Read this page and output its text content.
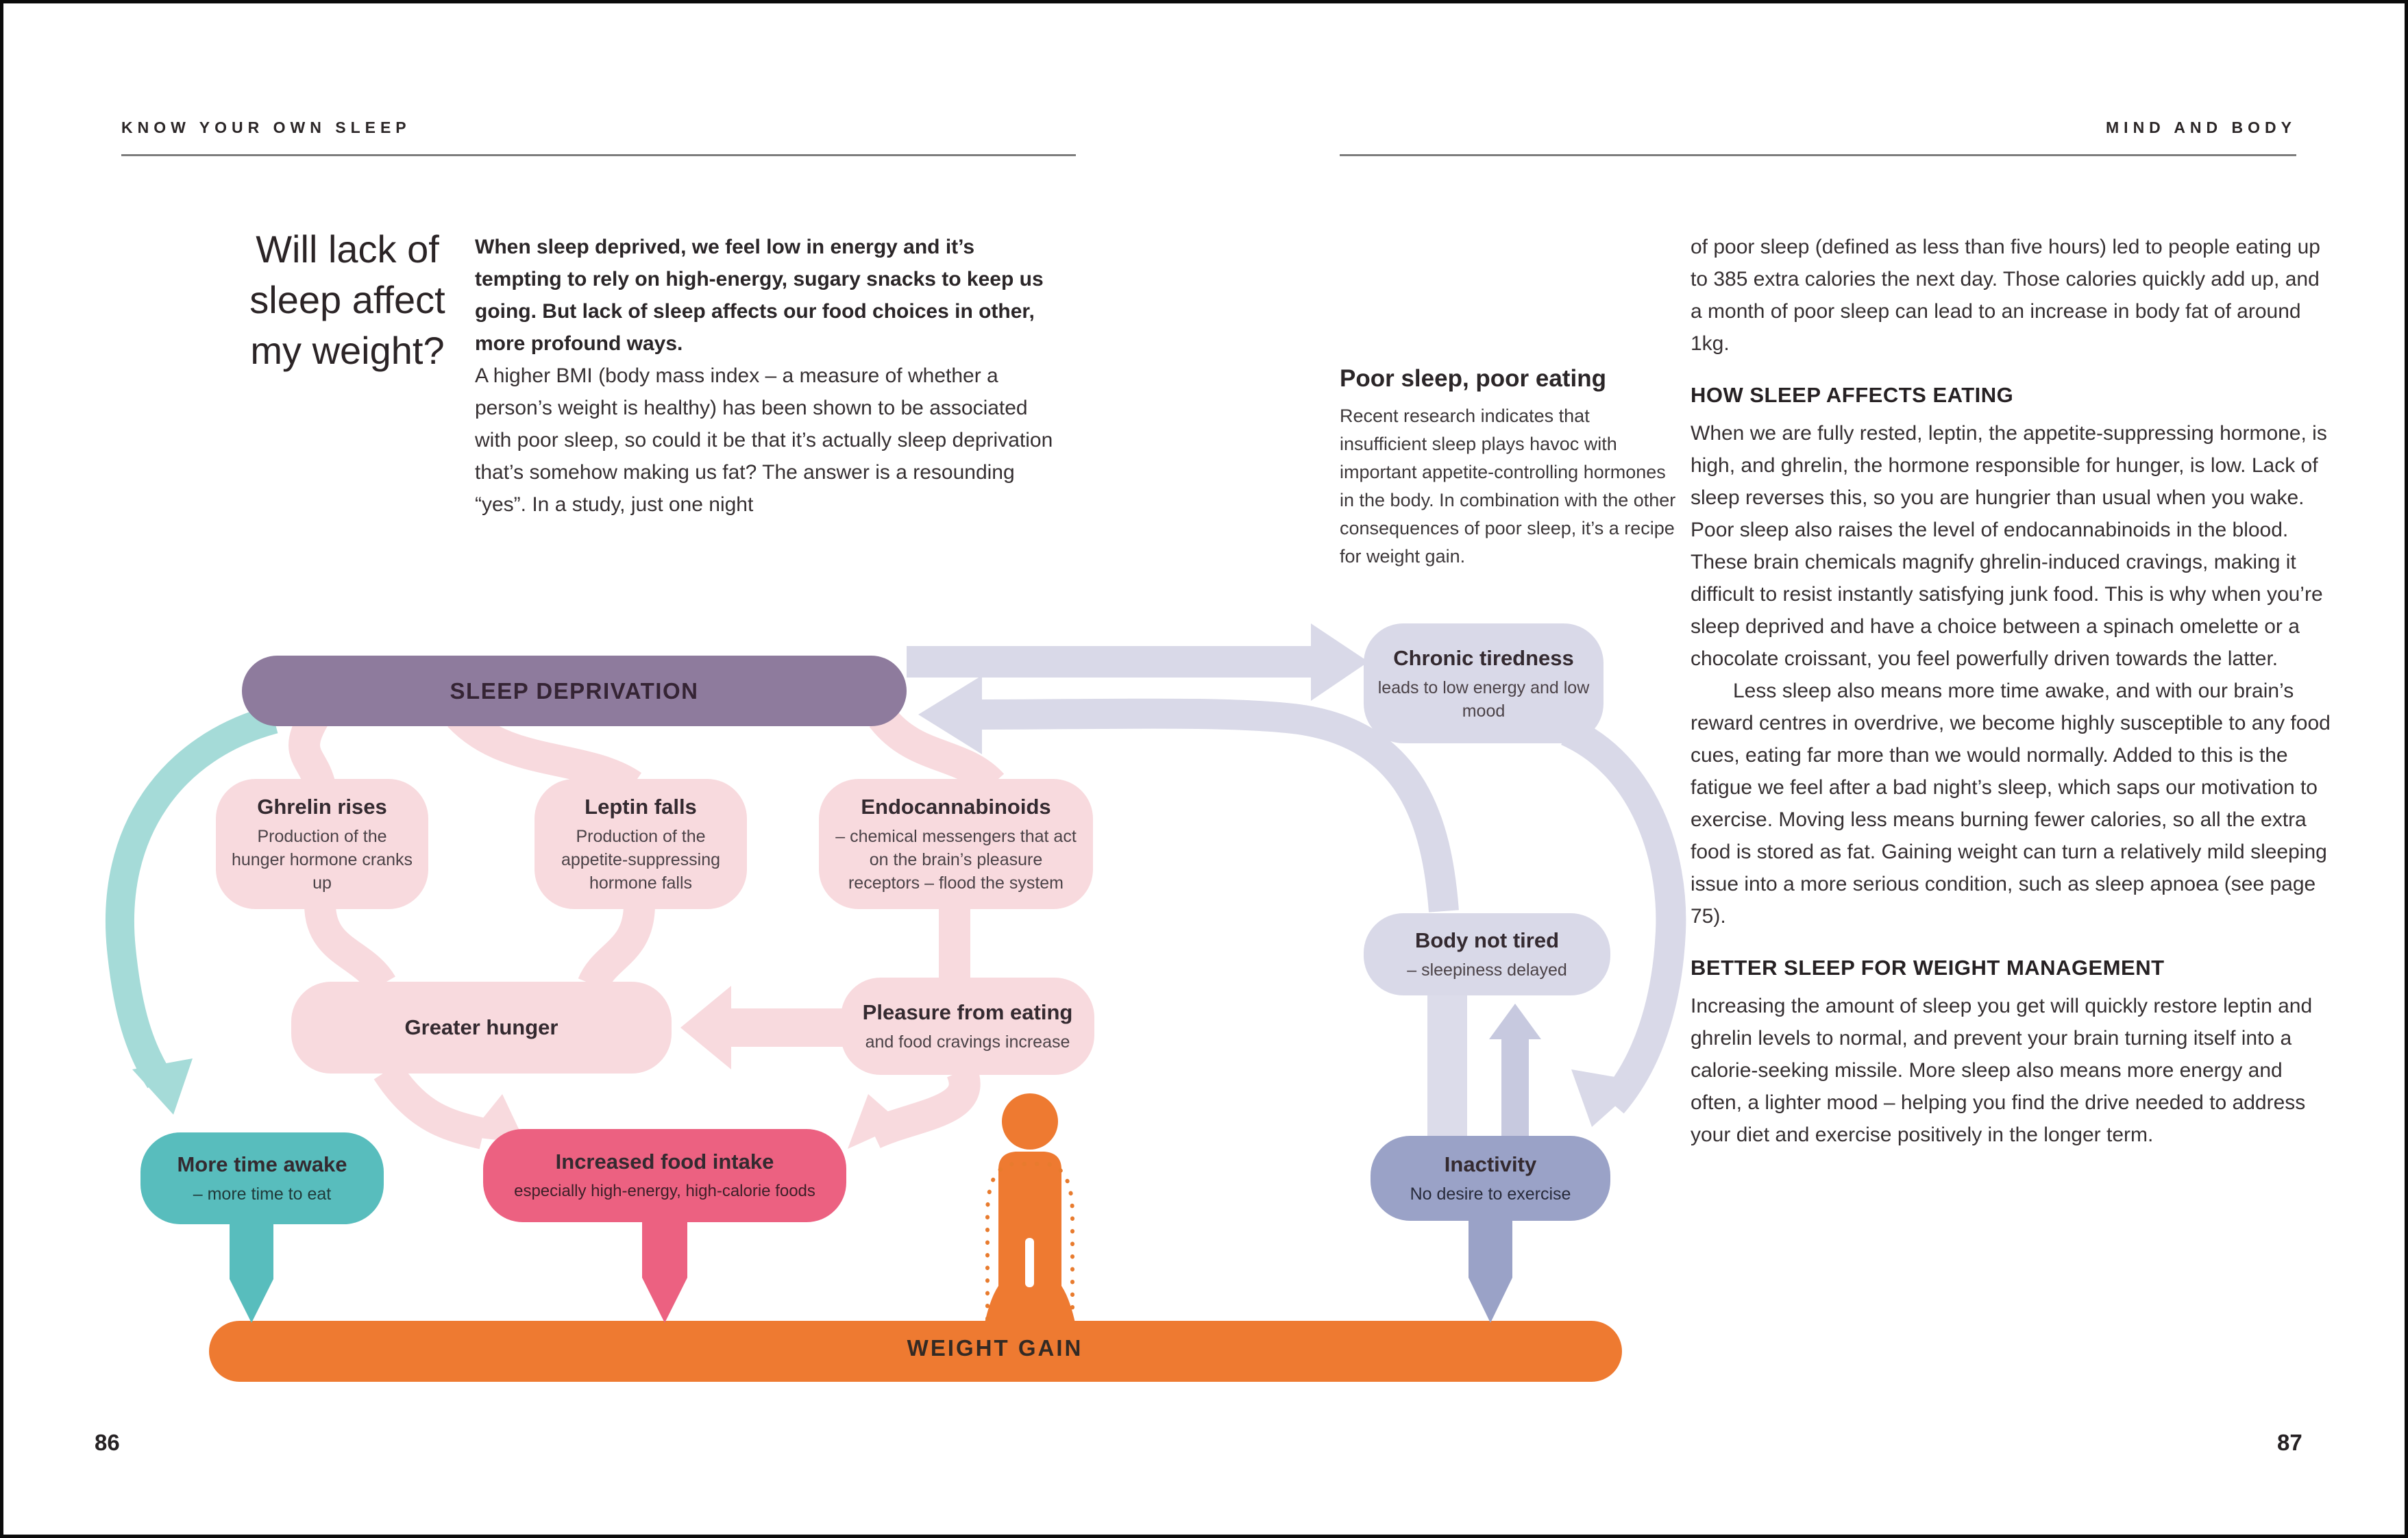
KNOW YOUR OWN SLEEP	MIND AND BODY
Will lack of
sleep affect
my weight?

When sleep deprived, we feel low in energy and it’s tempting to rely on high-energy, sugary snacks to keep us going. But lack of sleep affects our food choices in other, more profound ways.

A higher BMI (body mass index – a measure of whether a person’s weight is healthy) has been shown to be associated with poor sleep, so could it be that it’s actually sleep deprivation that’s somehow making us fat? The answer is a resounding “yes”. In a study, just one night

Poor sleep, poor eating

Recent research indicates that insufficient sleep plays havoc with important appetite-controlling hormones in the body. In combination with the other consequences of poor sleep, it’s a recipe for weight gain.

of poor sleep (defined as less than five hours) led to people eating up to 385 extra calories the next day. Those calories quickly add up, and a month of poor sleep can lead to an increase in body fat of around 1kg.

HOW SLEEP AFFECTS EATING

When we are fully rested, leptin, the appetite-suppressing hormone, is high, and ghrelin, the hormone responsible for hunger, is low. Lack of sleep reverses this, so you are hungrier than usual when you wake. Poor sleep also raises the level of endocannabinoids in the blood. These brain chemicals magnify ghrelin-induced cravings, making it difficult to resist instantly satisfying junk food. This is why when you’re sleep deprived and have a choice between a spinach omelette or a chocolate croissant, you feel powerfully driven towards the latter.

Less sleep also means more time awake, and with our brain’s reward centres in overdrive, we become highly susceptible to any food cues, eating far more than we would normally. Added to this is the fatigue we feel after a bad night’s sleep, which saps our motivation to exercise. Moving less means burning fewer calories, so all the extra food is stored as fat. Gaining weight can turn a relatively mild sleeping issue into a more serious condition, such as sleep apnoea (see page 75).

BETTER SLEEP FOR WEIGHT MANAGEMENT

Increasing the amount of sleep you get will quickly restore leptin and ghrelin levels to normal, and prevent your brain turning itself into a calorie-seeking missile. More sleep also means more energy and often, a lighter mood – helping you find the drive needed to address your diet and exercise positively in the longer term.

86	87
SLEEP DEPRIVATION
Ghrelin rises
Production of the hunger hormone cranks up
Leptin falls
Production of the appetite-suppressing hormone falls
Endocannabinoids
– chemical messengers that act on the brain’s pleasure receptors – flood the system
Greater hunger
Pleasure from eating
and food cravings increase
More time awake
– more time to eat
Increased food intake
especially high-energy, high-calorie foods
Chronic tiredness
leads to low energy and low mood
Body not tired
– sleepiness delayed
Inactivity
No desire to exercise
WEIGHT GAIN
